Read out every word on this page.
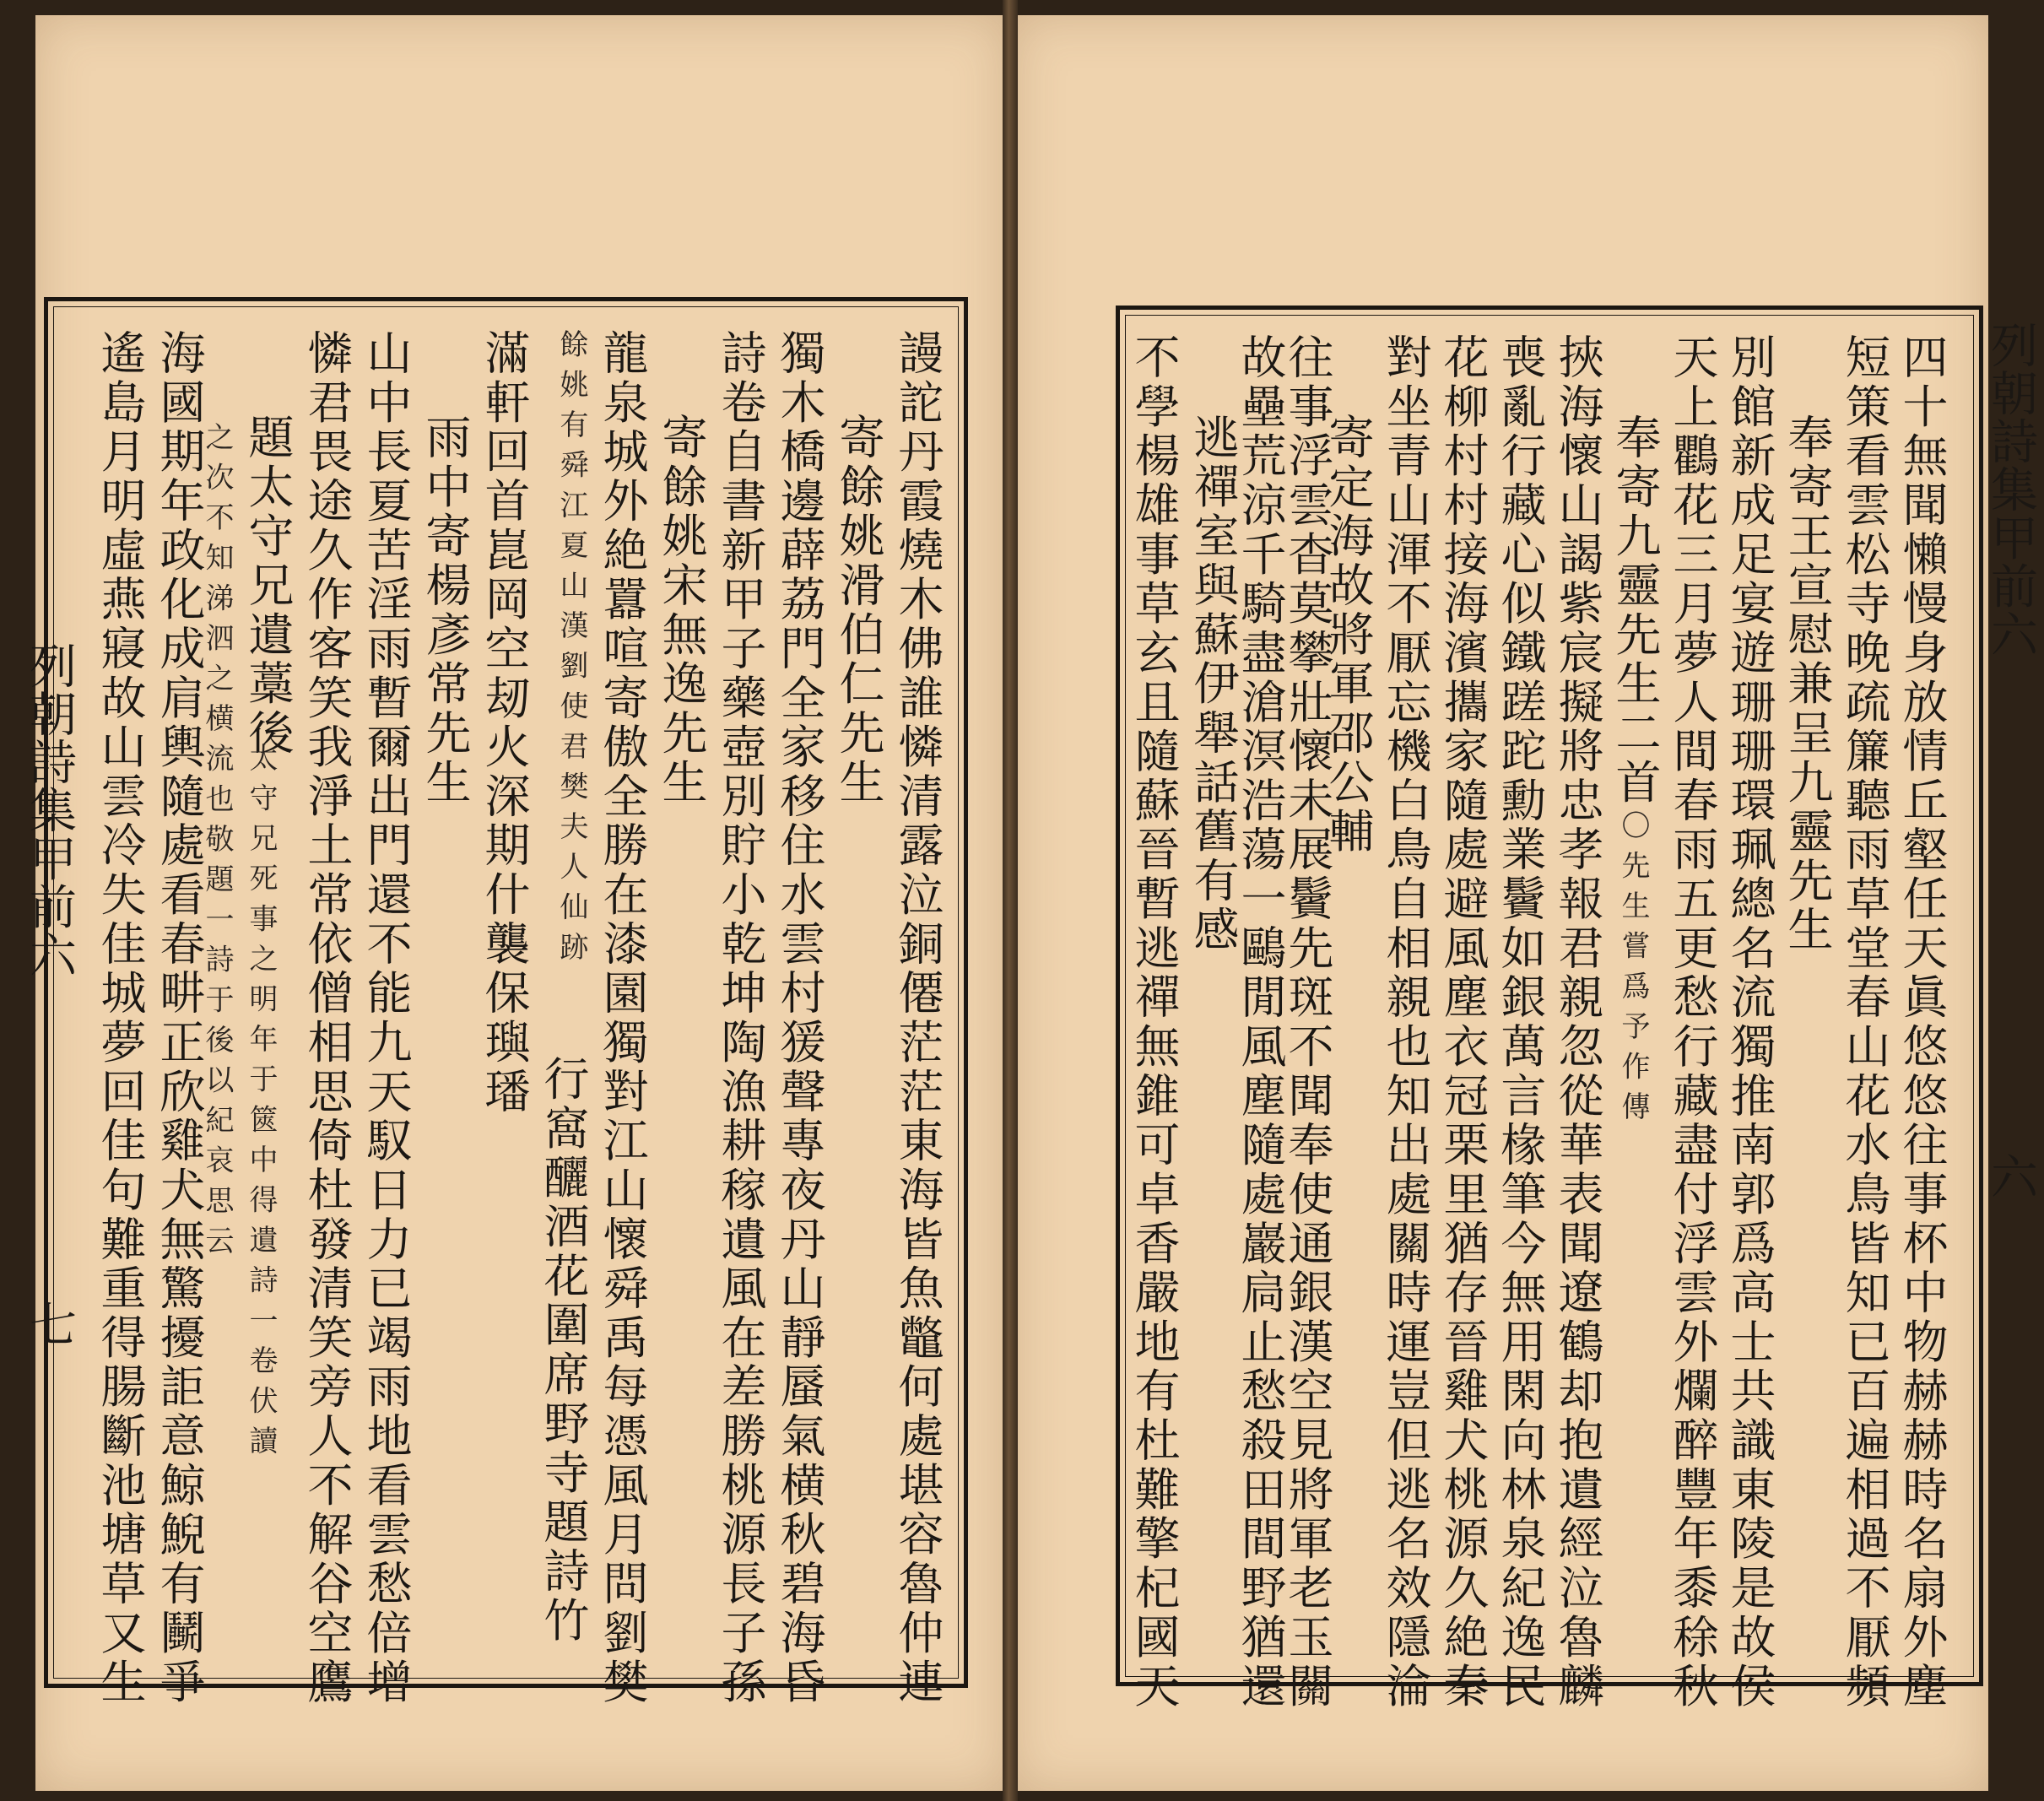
列朝詩集甲前六
七
列朝詩集甲前六
六
謾詑丹霞燒木佛誰憐清露泣銅僊茫茫東海皆魚鼈何處堪容魯仲連
寄餘姚滑伯仁先生
獨木橋邊薜荔門全家移住水雲村猨聲專夜丹山靜蜃氣横秋碧海昏
詩卷自書新甲子藥壺別貯小乾坤陶漁耕稼遺風在差勝桃源長子孫
寄餘姚宋無逸先生
龍泉城外絶囂喧寄傲全勝在漆園獨對江山懷舜禹每憑風月問劉樊
餘姚有舜江夏山漢劉使君樊夫人仙跡
行窩釃酒花圍席野寺題詩竹
滿軒回首崑岡空刼火深期什襲保璵璠
雨中寄楊彥常先生
山中長夏苦淫雨暫爾出門還不能九天馭日力已竭雨地看雲愁倍增
憐君畏途久作客笑我淨土常依僧相思倚杜發清笑旁人不解谷空鷹
題太守兄遺藁後
太守兄死事之明年于篋中得遺詩一卷伏讀
之次不知涕泗之横流也敬題一詩于後以紀哀思云
海國期年政化成肩輿隨處看春畊正欣雞犬無驚擾詎意鯨鯢有鬭爭
遙島月明虛燕寢故山雲冷失佳城夢回佳句難重得腸斷池塘草又生	四十無聞懶慢身放情丘壑任天眞悠悠往事杯中物赫赫時名扇外塵
短策看雲松寺晚疏簾聽雨草堂春山花水鳥皆知已百遍相過不厭頻
奉寄王宣慰兼呈九靈先生
別館新成足宴遊珊珊環珮總名流獨推南郭爲高士共識東陵是故侯
天上鸜花三月夢人間春雨五更愁行藏盡付浮雲外爛醉豐年黍稌秋
奉寄九靈先生二首
〇先生嘗爲予作傳
挾海懷山謁紫宸擬將忠孝報君親忽從華表聞遼鶴却抱遺經泣魯麟
喪亂行藏心似鐵蹉跎勳業鬢如銀萬言椽筆今無用閑向林泉紀逸民
花柳村村接海濱攜家隨處避風塵衣冠栗里猶存晉雞犬桃源久絶秦
對坐青山渾不厭忘機白鳥自相親也知出處關時運豈但逃名效隱淪
寄定海故將軍邵公輔
往事浮雲杳莫攀壯懷未展鬢先斑不聞奉使通銀漢空見將軍老玉關
故壘荒涼千騎盡滄溟浩蕩一鷗閒風塵隨處巖扃止愁殺田間野猶還
逃禪室與蘇伊舉話舊有感
不學楊雄事草玄且隨蘇晉暫逃禪無錐可卓香嚴地有杜難擎杞國天
